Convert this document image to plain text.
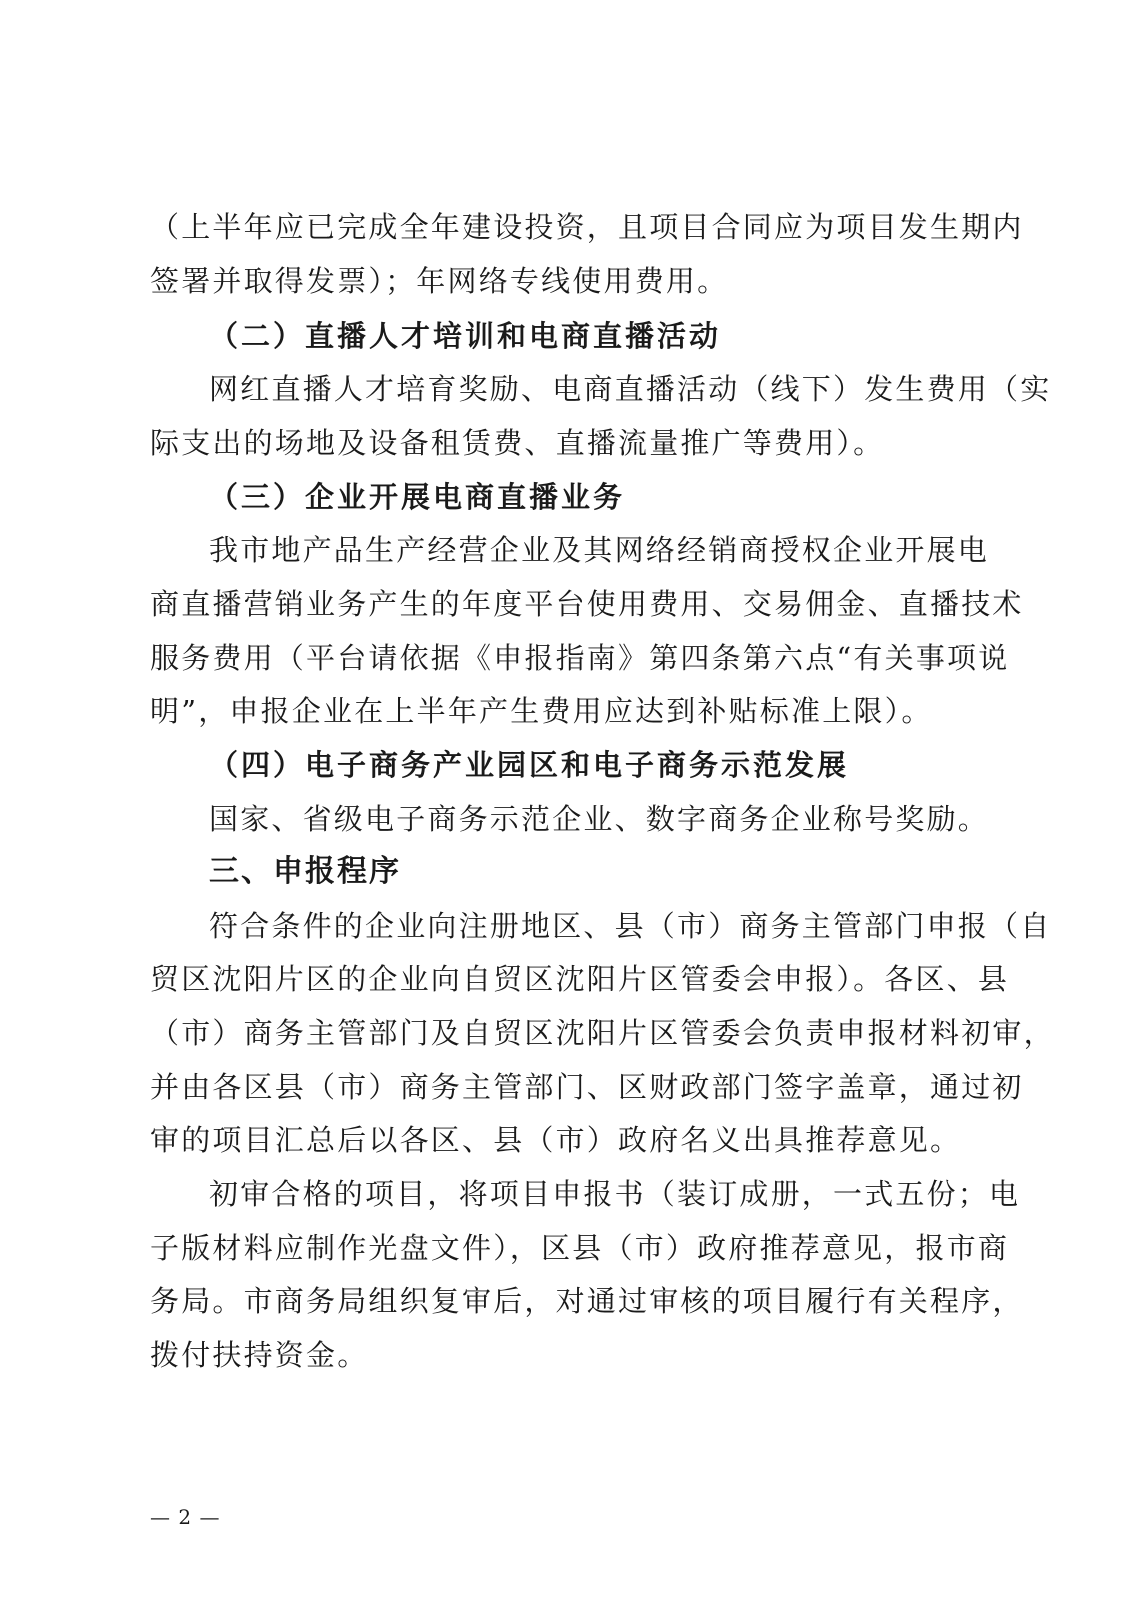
（上半年应已完成全年建设投资，且项目合同应为项目发生期内
签署并取得发票）；年网络专线使用费用。
（二）直播人才培训和电商直播活动
网红直播人才培育奖励、电商直播活动（线下）发生费用（实
际支出的场地及设备租赁费、直播流量推广等费用）。
（三）企业开展电商直播业务
我市地产品生产经营企业及其网络经销商授权企业开展电
商直播营销业务产生的年度平台使用费用、交易佣金、直播技术
服务费用（平台请依据《申报指南》第四条第六点“有关事项说
明”，申报企业在上半年产生费用应达到补贴标准上限）。
（四）电子商务产业园区和电子商务示范发展
国家、省级电子商务示范企业、数字商务企业称号奖励。
三、申报程序
符合条件的企业向注册地区、县（市）商务主管部门申报（自
贸区沈阳片区的企业向自贸区沈阳片区管委会申报）。各区、县
（市）商务主管部门及自贸区沈阳片区管委会负责申报材料初审，
并由各区县（市）商务主管部门、区财政部门签字盖章，通过初
审的项目汇总后以各区、县（市）政府名义出具推荐意见。
初审合格的项目，将项目申报书（装订成册，一式五份；电
子版材料应制作光盘文件），区县（市）政府推荐意见，报市商
务局。市商务局组织复审后，对通过审核的项目履行有关程序，
拨付扶持资金。
— 2 —
